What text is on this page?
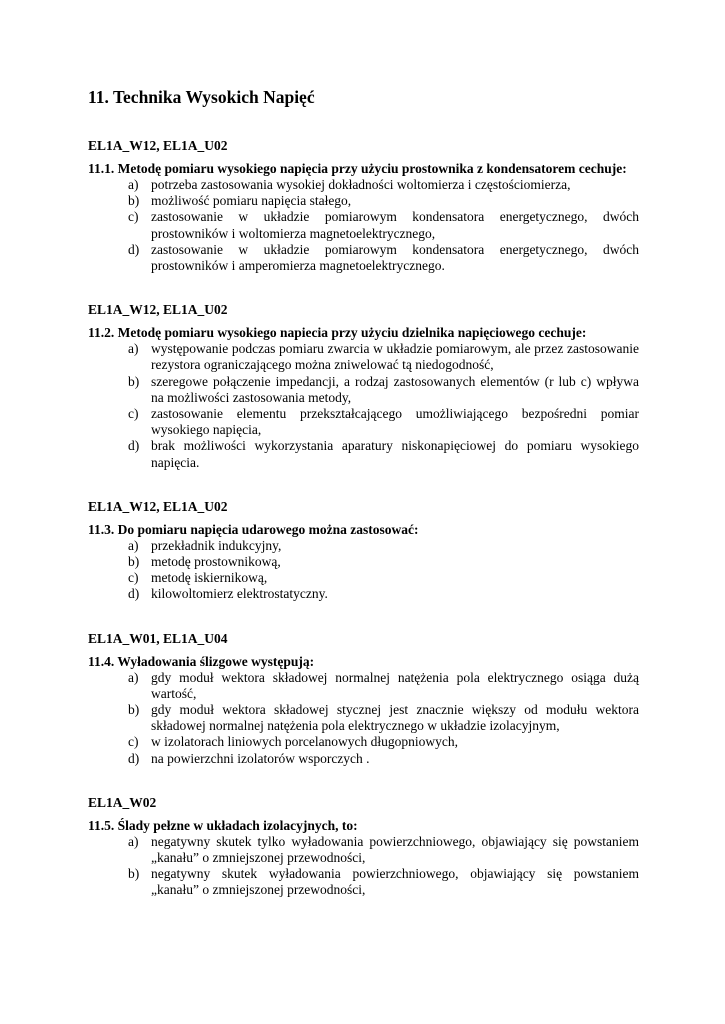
11. Technika Wysokich Napięć
EL1A_W12, EL1A_U02

11.1. Metodę pomiaru wysokiego napięcia przy użyciu prostownika z kondensatorem cechuje:

a) potrzeba zastosowania wysokiej dokładności woltomierza i częstościomierza,
b) możliwość pomiaru napięcia stałego,
c) zastosowanie w układzie pomiarowym kondensatora energetycznego, dwóch prostowników i woltomierza magnetoelektrycznego,
d) zastosowanie w układzie pomiarowym kondensatora energetycznego, dwóch prostowników i amperomierza magnetoelektrycznego.
EL1A_W12, EL1A_U02

11.2. Metodę pomiaru wysokiego napiecia przy użyciu dzielnika napięciowego cechuje:

a) występowanie podczas pomiaru zwarcia w układzie pomiarowym, ale przez zastosowanie rezystora ograniczającego można zniwelować tą niedogodność,
b) szeregowe połączenie impedancji, a rodzaj zastosowanych elementów (r lub c) wpływa na możliwości zastosowania metody,
c) zastosowanie elementu przekształcającego umożliwiającego bezpośredni pomiar wysokiego napięcia,
d) brak możliwości wykorzystania aparatury niskonapięciowej do pomiaru wysokiego napięcia.
EL1A_W12, EL1A_U02

11.3. Do pomiaru napięcia udarowego można zastosować:

a) przekładnik indukcyjny,
b) metodę prostownikową,
c) metodę iskiernikową,
d) kilowoltomierz elektrostatyczny.
EL1A_W01, EL1A_U04

11.4. Wyładowania ślizgowe występują:

a) gdy moduł wektora składowej normalnej natężenia pola elektrycznego osiąga dużą wartość,
b) gdy moduł wektora składowej stycznej jest znacznie większy od modułu wektora składowej normalnej natężenia pola elektrycznego w układzie izolacyjnym,
c) w izolatorach liniowych porcelanowych długopniowych,
d) na powierzchni izolatorów wsporczych .
EL1A_W02

11.5. Ślady pełzne w układach izolacyjnych, to:

a) negatywny skutek tylko wyładowania powierzchniowego, objawiający się powstaniem „kanału” o zmniejszonej przewodności,
b) negatywny skutek wyładowania powierzchniowego, objawiający się powstaniem „kanału” o zmniejszonej przewodności,
